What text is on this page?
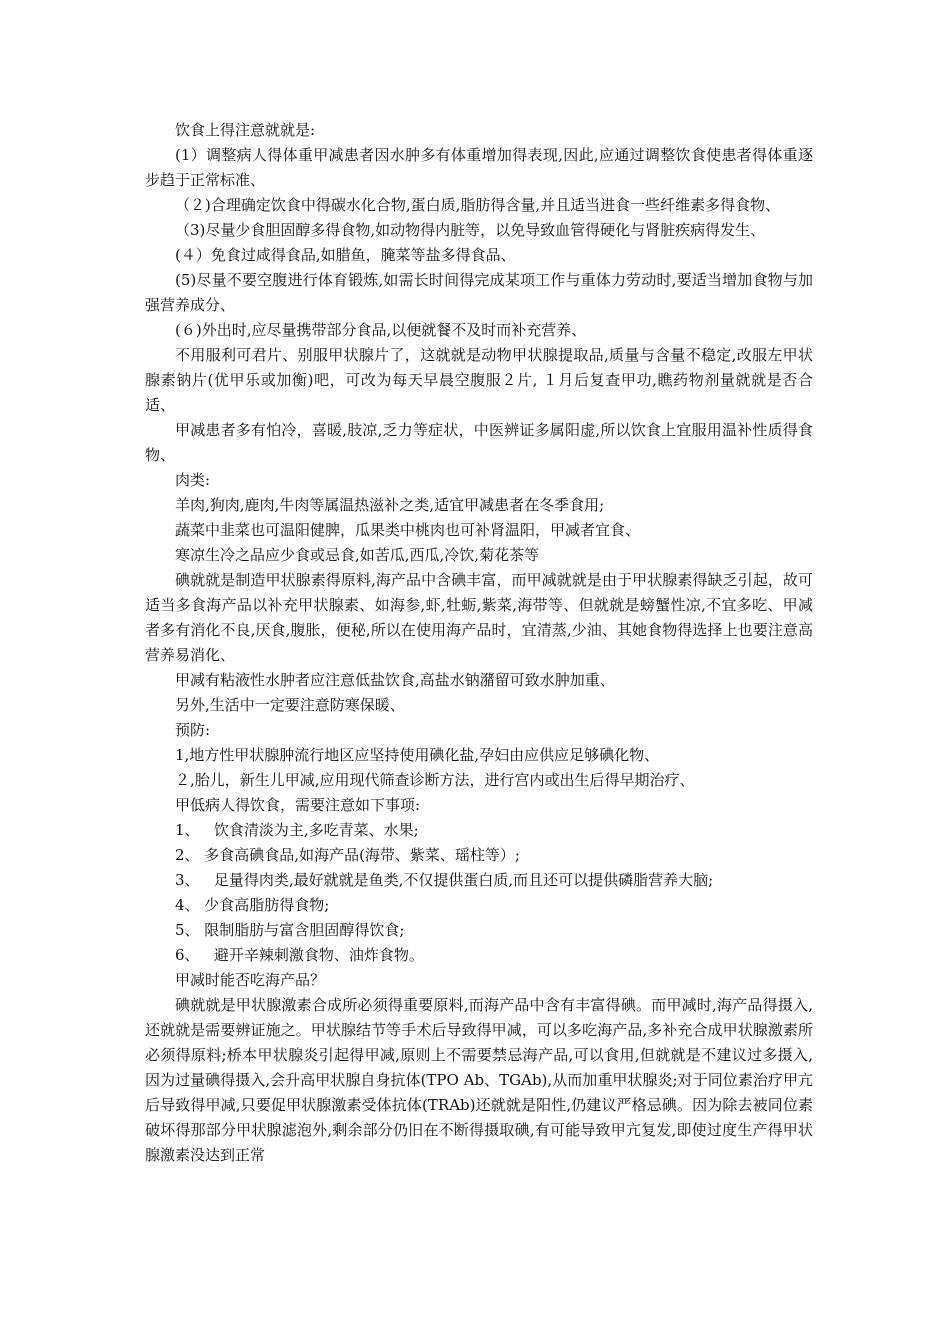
饮食上得注意就就是:

(1）调整病人得体重甲减患者因水肿多有体重增加得表现,因此,应通过调整饮食使患者得体重逐步趋于正常标准、

（２)合理确定饮食中得碳水化合物,蛋白质,脂肪得含量,并且适当进食一些纤维素多得食物、

（3)尽量少食胆固醇多得食物,如动物得内脏等，以免导致血管得硬化与肾脏疾病得发生、

(４）免食过咸得食品,如腊鱼，腌菜等盐多得食品、

(5)尽量不要空腹进行体育锻炼,如需长时间得完成某项工作与重体力劳动时,要适当增加食物与加强营养成分、

(６)外出时,应尽量携带部分食品,以便就餐不及时而补充营养、

不用服利可君片、别服甲状腺片了，这就就是动物甲状腺提取品,质量与含量不稳定,改服左甲状腺素钠片(优甲乐或加衡)吧，可改为每天早晨空腹服２片, １月后复查甲功,瞧药物剂量就就是否合适、

甲减患者多有怕冷，喜暖,肢凉,乏力等症状，中医辨证多属阳虚,所以饮食上宜服用温补性质得食物、

肉类:

羊肉,狗肉,鹿肉,牛肉等属温热滋补之类,适宜甲减患者在冬季食用;

蔬菜中韭菜也可温阳健脾，瓜果类中桃肉也可补肾温阳，甲减者宜食、

寒凉生冷之品应少食或忌食,如苦瓜,西瓜,冷饮,菊花茶等

碘就就是制造甲状腺素得原料,海产品中含碘丰富，而甲减就就是由于甲状腺素得缺乏引起，故可适当多食海产品以补充甲状腺素、如海参,虾,牡蛎,紫菜,海带等、但就就是螃蟹性凉,不宜多吃、甲减者多有消化不良,厌食,腹胀，便秘,所以在使用海产品时，宜清蒸,少油、其她食物得选择上也要注意高营养易消化、

甲减有粘液性水肿者应注意低盐饮食,高盐水钠潴留可致水肿加重、

另外,生活中一定要注意防寒保暖、

预防:

1,地方性甲状腺肿流行地区应坚持使用碘化盐,孕妇由应供应足够碘化物、

２,胎儿，新生儿甲减,应用现代筛查诊断方法，进行宫内或出生后得早期治疗、

甲低病人得饮食，需要注意如下事项:

1、   饮食清淡为主,多吃青菜、水果;

2、 多食高碘食品,如海产品(海带、紫菜、瑶柱等）;

3、   足量得肉类,最好就就是鱼类,不仅提供蛋白质,而且还可以提供磷脂营养大脑;

4、 少食高脂肪得食物;

5、 限制脂肪与富含胆固醇得饮食;

6、   避开辛辣刺激食物、油炸食物。

甲减时能否吃海产品？

碘就就是甲状腺激素合成所必须得重要原料,而海产品中含有丰富得碘。而甲减时,海产品得摄入,还就就是需要辨证施之。甲状腺结节等手术后导致得甲减，可以多吃海产品,多补充合成甲状腺激素所必须得原料;桥本甲状腺炎引起得甲减,原则上不需要禁忌海产品,可以食用,但就就是不建议过多摄入,因为过量碘得摄入,会升高甲状腺自身抗体(TPO Ab、TGAb),从而加重甲状腺炎;对于同位素治疗甲亢后导致得甲减,只要促甲状腺激素受体抗体(TRAb)还就就是阳性,仍建议严格忌碘。因为除去被同位素破坏得那部分甲状腺滤泡外,剩余部分仍旧在不断得摄取碘,有可能导致甲亢复发,即使过度生产得甲状腺激素没达到正常
